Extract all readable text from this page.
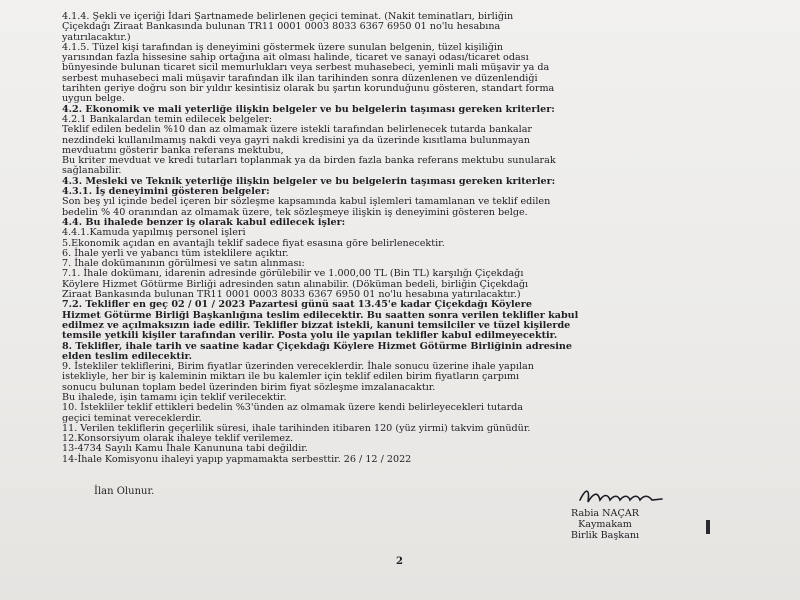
4.1.4. Şekli ve içeriği İdari Şartnamede belirlenen geçici teminat. (Nakit teminatları, birliğin

Çiçekdağı Ziraat Bankasında bulunan TR11 0001 0003 8033 6367 6950 01 no'lu hesabına

yatırılacaktır.)

4.1.5. Tüzel kişi tarafından iş deneyimini göstermek üzere sunulan belgenin, tüzel kişiliğin

yarısından fazla hissesine sahip ortağına ait olması halinde, ticaret ve sanayi odası/ticaret odası

bünyesinde bulunan ticaret sicil memurlukları veya serbest muhasebeci, yeminli mali müşavir ya da

serbest muhasebeci mali müşavir tarafından ilk ilan tarihinden sonra düzenlenen ve düzenlendiği

tarihten geriye doğru son bir yıldır kesintisiz olarak bu şartın korunduğunu gösteren, standart forma

uygun belge.

4.2. Ekonomik ve mali yeterliğe ilişkin belgeler ve bu belgelerin taşıması gereken kriterler:

4.2.1 Bankalardan temin edilecek belgeler:

Teklif edilen bedelin %10 dan az olmamak üzere istekli tarafından belirlenecek tutarda bankalar

nezdindeki kullanılmamış nakdi veya gayri nakdi kredisini ya da üzerinde kısıtlama bulunmayan

mevduatını gösterir banka referans mektubu,

Bu kriter mevduat ve kredi tutarları toplanmak ya da birden fazla banka referans mektubu sunularak

sağlanabilir.

4.3. Mesleki ve Teknik yeterliğe ilişkin belgeler ve bu belgelerin taşıması gereken kriterler:

4.3.1. İş deneyimini gösteren belgeler:

Son beş yıl içinde bedel içeren bir sözleşme kapsamında kabul işlemleri tamamlanan ve teklif edilen

bedelin % 40 oranından az olmamak üzere, tek sözleşmeye ilişkin iş deneyimini gösteren belge.

4.4. Bu ihalede benzer iş olarak kabul edilecek işler:

4.4.1.Kamuda yapılmış personel işleri

5.Ekonomik açıdan en avantajlı teklif sadece fiyat esasına göre belirlenecektir.

6. İhale yerli ve yabancı tüm isteklilere açıktır.

7. İhale dokümanının görülmesi ve satın alınması:

7.1. İhale dokümanı, idarenin adresinde görülebilir ve 1.000,00 TL (Bin TL) karşılığı Çiçekdağı

Köylere Hizmet Götürme Birliği adresinden satın alınabilir. (Döküman bedeli, birliğin Çiçekdağı

Ziraat Bankasında bulunan TR11 0001 0003 8033 6367 6950 01 no'lu hesabına yatırılacaktır.)

7.2. Teklifler en geç 02 / 01 / 2023 Pazartesi günü saat 13.45'e kadar Çiçekdağı Köylere

Hizmet Götürme Birliği Başkanlığına teslim edilecektir. Bu saatten sonra verilen teklifler kabul

edilmez ve açılmaksızın iade edilir. Teklifler bizzat istekli, kanuni temsilciler ve tüzel kişilerde

temsile yetkili kişiler tarafından verilir. Posta yolu ile yapılan teklifler kabul edilmeyecektir.

8. Teklifler, ihale tarih ve saatine kadar Çiçekdağı Köylere Hizmet Götürme Birliğinin adresine

elden teslim edilecektir.

9. İstekliler tekliflerini, Birim fiyatlar üzerinden vereceklerdir. İhale sonucu üzerine ihale yapılan

istekliyle, her bir iş kaleminin miktarı ile bu kalemler için teklif edilen birim fiyatların çarpımı

sonucu bulunan toplam bedel üzerinden birim fiyat sözleşme imzalanacaktır.

Bu ihalede, işin tamamı için teklif verilecektir.

10. İstekliler teklif ettikleri bedelin %3'ünden az olmamak üzere kendi belirleyecekleri tutarda

geçici teminat vereceklerdir.

11. Verilen tekliflerin geçerlilik süresi, ihale tarihinden itibaren 120 (yüz yirmi) takvim günüdür.

12.Konsorsiyum olarak ihaleye teklif verilemez.

13-4734 Sayılı Kamu İhale Kanununa tabi değildir.

14-İhale Komisyonu ihaleyi yapıp yapmamakta serbesttir. 26 / 12 / 2022

İlan Olunur.

Rabia NAÇAR
Kaymakam
Birlik Başkanı
2
